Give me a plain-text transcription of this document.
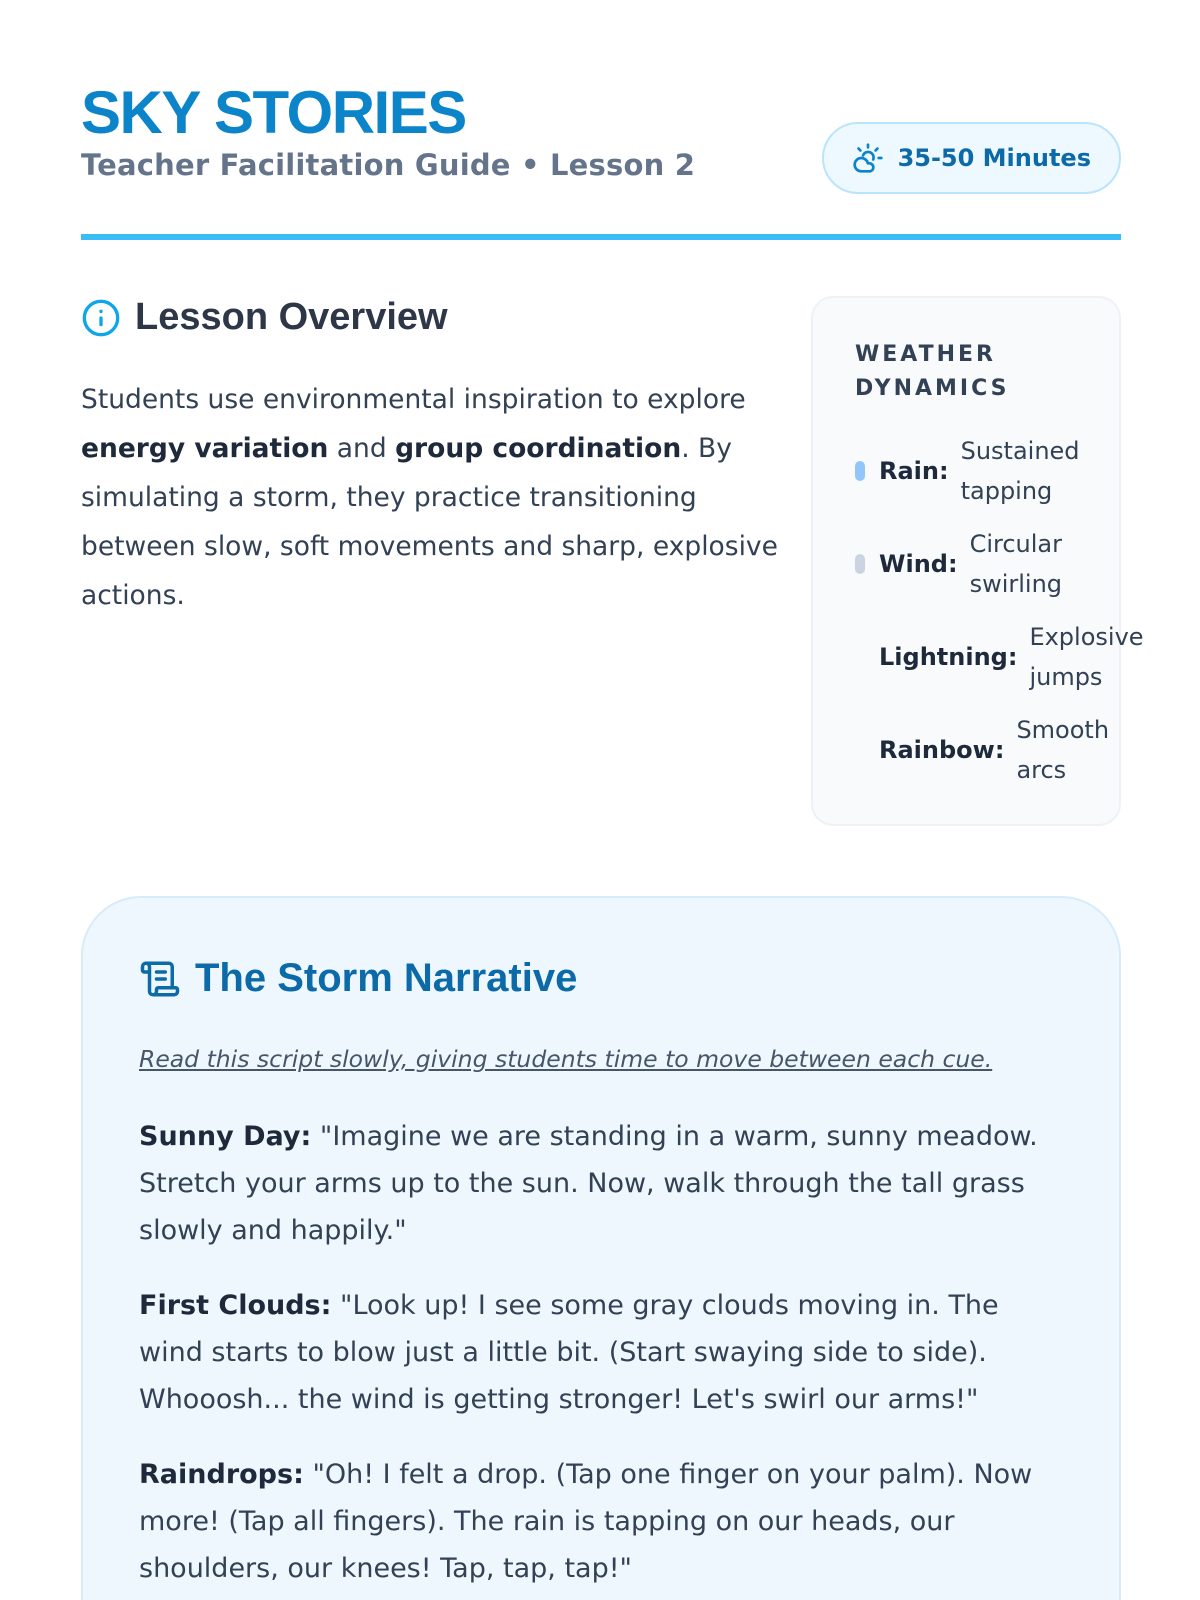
SKY STORIES
Teacher Facilitation Guide • Lesson 2	35-50 Minutes
Lesson Overview

Students use environmental inspiration to explore energy variation and group coordination. By simulating a storm, they practice transitioning between slow, soft movements and sharp, explosive actions.

WEATHER DYNAMICS
Rain:
Sustained tapping
Wind:
Circular swirling
Lightning:
Explosive jumps
Rainbow:
Smooth arcs
The Storm Narrative
Read this script slowly, giving students time to move between each cue.
Sunny Day: "Imagine we are standing in a warm, sunny meadow. Stretch your arms up to the sun. Now, walk through the tall grass slowly and happily."
First Clouds: "Look up! I see some gray clouds moving in. The wind starts to blow just a little bit. (Start swaying side to side). Whooosh... the wind is getting stronger! Let's swirl our arms!"
Raindrops: "Oh! I felt a drop. (Tap one finger on your palm). Now more! (Tap all fingers). The rain is tapping on our heads, our shoulders, our knees! Tap, tap, tap!"
